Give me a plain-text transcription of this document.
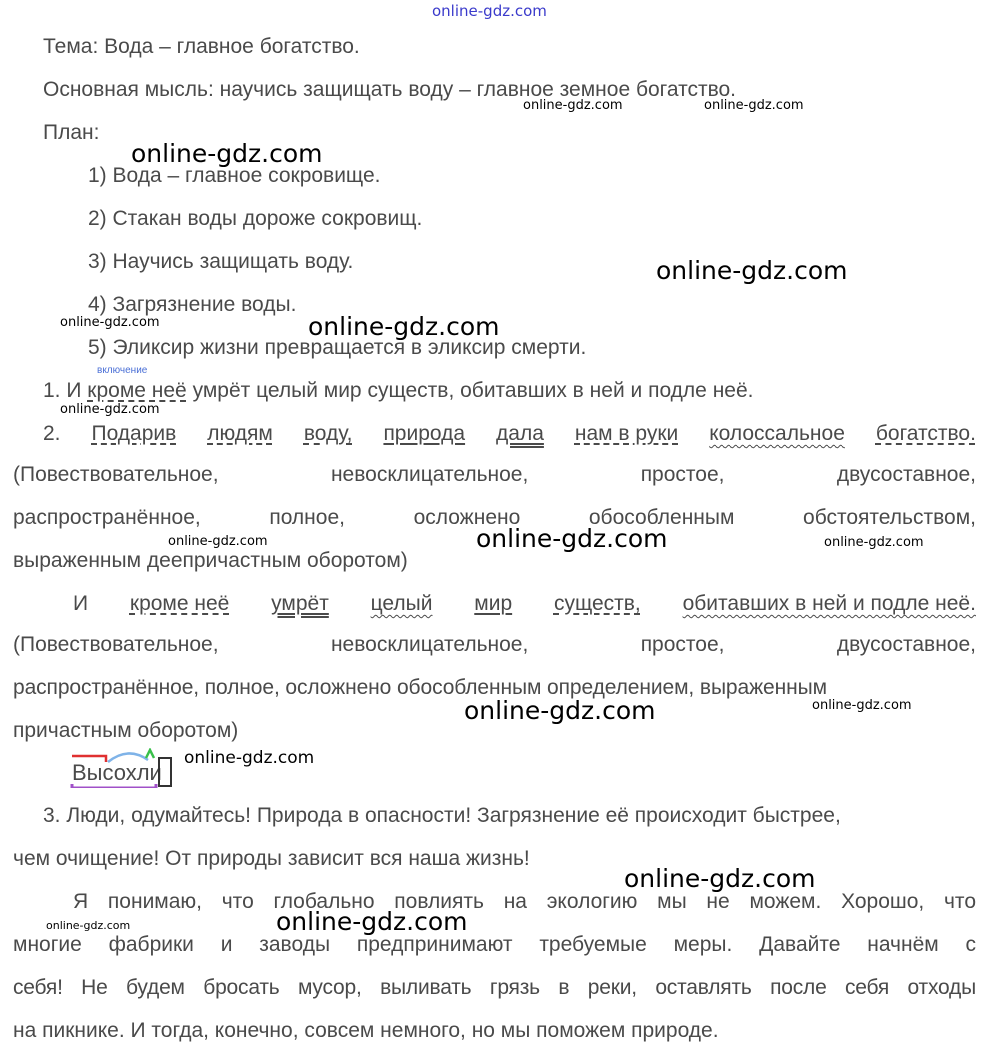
online-gdz.com
Тема: Вода – главное богатство.
Основная мысль: научись защищать воду – главное земное богатство.
План:
1) Вода – главное сокровище.
2) Стакан воды дороже сокровищ.
3) Научись защищать воду.
4) Загрязнение воды.
5) Эликсир жизни превращается в эликсир смерти.
включение
1. И кроме неё умрёт целый мир существ, обитавших в ней и подле неё.
2. Подарив людям воду, природа дала нам в руки колоссальное богатство.
(Повествовательное,	невосклицательное,	простое,	двусоставное,
распространённое,	полное,	осложнено	обособленным	обстоятельством,
выраженным деепричастным оборотом)
И кроме неё умрёт целый мир существ, обитавших в ней и подле неё.
(Повествовательное,	невосклицательное,	простое,	двусоставное,
распространённое, полное, осложнено обособленным определением, выраженным
причастным оборотом)
Высохли
3. Люди, одумайтесь! Природа в опасности! Загрязнение её происходит быстрее,
чем очищение! От природы зависит вся наша жизнь!
Я понимаю, что глобально повлиять на экологию мы не можем. Хорошо, что
многие фабрики и заводы предпринимают требуемые меры. Давайте начнём с
себя! Не будем бросать мусор, выливать грязь в реки, оставлять после себя отходы
на пикнике. И тогда, конечно, совсем немного, но мы поможем природе.
online-gdz.com	online-gdz.com
online-gdz.com
online-gdz.com
online-gdz.com	online-gdz.com
online-gdz.com
online-gdz.com	online-gdz.com	online-gdz.com
online-gdz.com	online-gdz.com
online-gdz.com
online-gdz.com
online-gdz.com	online-gdz.com
